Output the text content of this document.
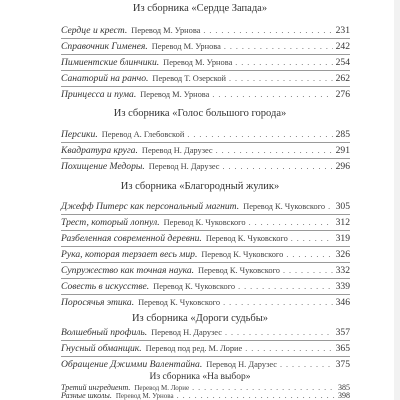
Из сборника «Сердце Запада»
Сердце и крест. Перевод М. Урнова . . .	231
Справочник Гименея. Перевод М. Урнова . . .	242
Пимиентские блинчики. Перевод М. Урнова . . .	254
Санаторий на ранчо. Перевод Т. Озерской . . .	262
Принцесса и пума. Перевод М. Урнова . . .	276
Из сборника «Голос большого города»
Персики. Перевод А. Глебовской . . .	285
Квадратура круга. Перевод Н. Дарузес . . .	291
Похищение Медоры. Перевод Н. Дарузес . . .	296
Из сборника «Благородный жулик»
Джефф Питерс как персональный магнит. Перевод К. Чуковского . . . 305
Трест, который лопнул. Перевод К. Чуковского . . .	312
Разбеленная современной деревни. Перевод К. Чуковского . . .	319
Рука, которая терзает весь мир. Перевод К. Чуковского . . .	326
Супружество как точная наука. Перевод К. Чуковского . . .	332
Совесть в искусстве. Перевод К. Чуковского . . .	339
Поросячья этика. Перевод К. Чуковского . . .	346
Из сборника «Дороги судьбы»
Волшебный профиль. Перевод Н. Дарузес . . .	357
Гнусный обманщик. Перевод под ред. М. Лорие . . .	365
Обращение Джимми Валентайна. Перевод Н. Дарузес . . .	375
Из сборника «На выбор»
Третий ингредиент. Перевод М. Лорие . . .	385
Разные школы. Перевод М. Урнова . . .	398
